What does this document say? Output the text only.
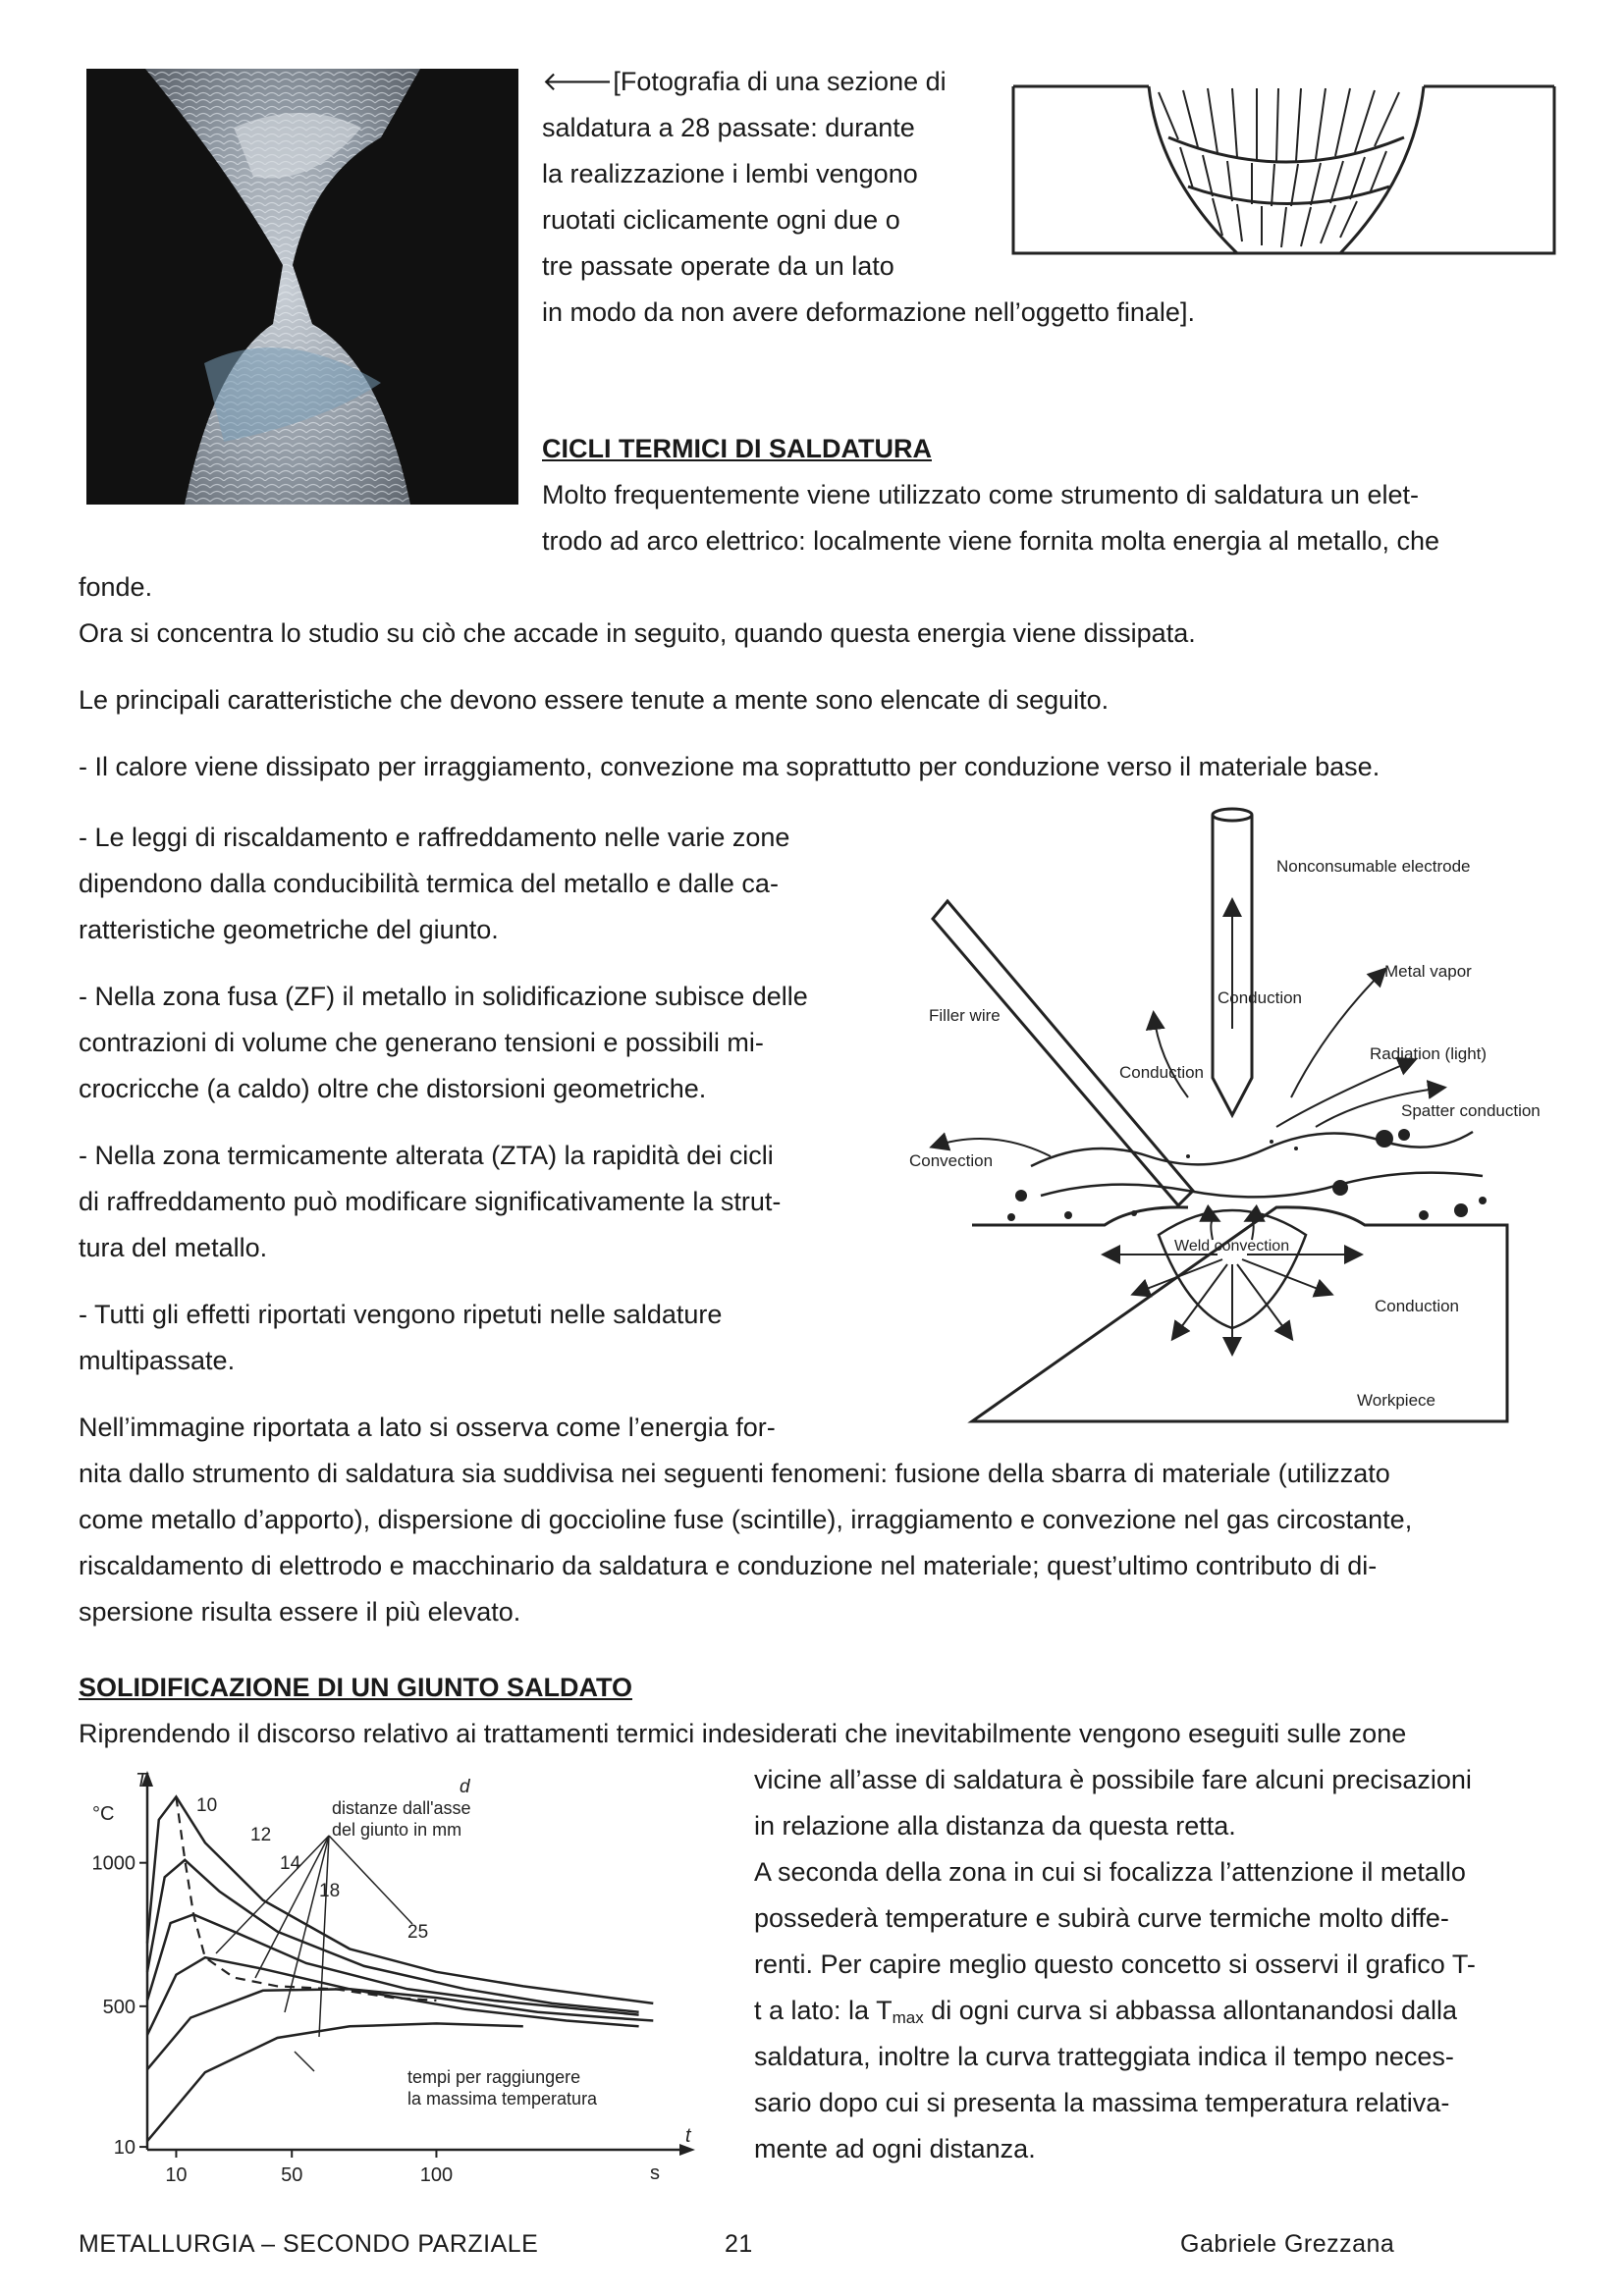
🡐[Fotografia di una sezione di
saldatura a 28 passate: durante
la realizzazione i lembi vengono
ruotati ciclicamente ogni due o
tre passate operate da un lato
in modo da non avere deformazione nell’oggetto finale].
CICLI TERMICI DI SALDATURA
Molto frequentemente viene utilizzato come strumento di saldatura un elet-
trodo ad arco elettrico: localmente viene fornita molta energia al metallo, che
fonde.
Ora si concentra lo studio su ciò che accade in seguito, quando questa energia viene dissipata.
Le principali caratteristiche che devono essere tenute a mente sono elencate di seguito.
- Il calore viene dissipato per irraggiamento, convezione ma soprattutto per conduzione verso il materiale base.
- Le leggi di riscaldamento e raffreddamento nelle varie zone
dipendono dalla conducibilità termica del metallo e dalle ca-
ratteristiche geometriche del giunto.
- Nella zona fusa (ZF) il metallo in solidificazione subisce delle
contrazioni di volume che generano tensioni e possibili mi-
crocricche (a caldo) oltre che distorsioni geometriche.
- Nella zona termicamente alterata (ZTA) la rapidità dei cicli
di raffreddamento può modificare significativamente la strut-
tura del metallo.
- Tutti gli effetti riportati vengono ripetuti nelle saldature
multipassate.
Nell’immagine riportata a lato si osserva come l’energia for-
nita dallo strumento di saldatura sia suddivisa nei seguenti fenomeni: fusione della sbarra di materiale (utilizzato
come metallo d’apporto), dispersione di goccioline fuse (scintille), irraggiamento e convezione nel gas circostante,
riscaldamento di elettrodo e macchinario da saldatura e conduzione nel materiale; quest’ultimo contributo di di-
spersione risulta essere il più elevato.
Nonconsumable electrode
Metal vapor
Conduction
Filler wire
Conduction
Radiation (light)
Spatter conduction
Convection
Weld convection
Conduction
Workpiece
SOLIDIFICAZIONE DI UN GIUNTO SALDATO
Riprendendo il discorso relativo ai trattamenti termici indesiderati che inevitabilmente vengono eseguiti sulle zone
vicine all’asse di saldatura è possibile fare alcuni precisazioni
in relazione alla distanza da questa retta.
A seconda della zona in cui si focalizza l’attenzione il metallo
possederà temperature e subirà curve termiche molto diffe-
renti. Per capire meglio questo concetto si osservi il grafico T-
t a lato: la $T_{max}$ di ogni curva si abbassa allontanandosi dalla
saldatura, inoltre la curva tratteggiata indica il tempo neces-
sario dopo cui si presenta la massima temperatura relativa-
mente ad ogni distanza.
T
°C
t
s
10
500
1000
10	50	100
10
12
14
18
25
d
distanze dall'asse del giunto in mm
tempi per raggiungere la massima temperatura
METALLURGIA – SECONDO PARZIALE	21	Gabriele Grezzana
